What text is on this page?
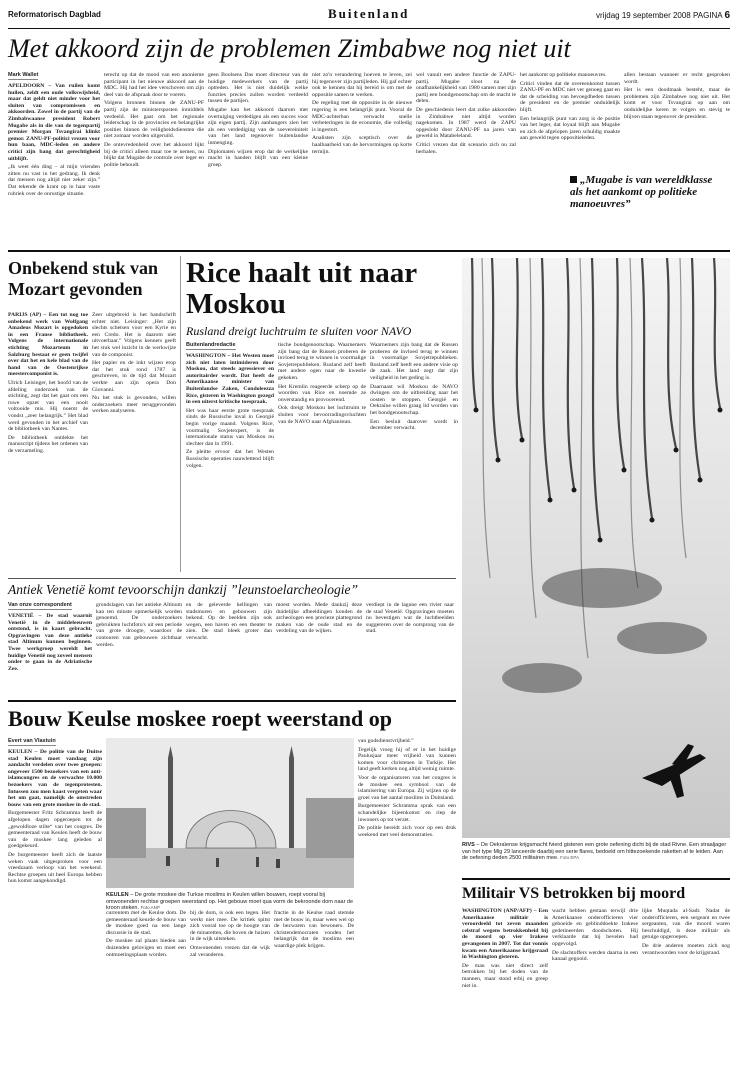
Reformatorisch Dagblad	Buitenland	vrijdag 19 september 2008 PAGINA 6
Met akkoord zijn de problemen Zimbabwe nog niet uit
Mark Wallet

APELDOORN – Van ruilen komt huilen, zeldt een oude volkswijsheid, maar dat geldt niet minder voor het sluiten van compromissen en akkoorden. Zowel in de partij van de Zimbabwaanse president Robert Mugabe als in die van de tegenpartij premier Morgan Tsvangirai klinkt gemor. ZANU-PF-politici vrezen voor hun baan, MDC-leden en andere critici zijn bang dat gerechtigheid uitblijft.

„Ik weet één ding – al mijn vrienden zitten nu vast in het gedrang. Ik denk dat mensen nog altijd niet zeker zijn.” Dat tekende de krant op in haar vaste rubriek over de onrustige situatie.

terecht op dat de mood van een anonieme participant in het nieuwe akkoord aan de MDC. Hij had het idee verschoven om zijn deel van de afspraak door te voeren.

Volgens bronnen binnen de ZANU-PF partij zijn de ministersposten inmiddels verdeeld. Het gaat om het regionale leiderschap in de provincies en belangrijke posities binnen de veiligheidsdiensten die niet zomaar worden uitgeruild.

De ontevredenheid over het akkoord lijkt bij de critici alleen maar toe te nemen, nu blijkt dat Mugabe de controle over leger en politie behoudt.

geen Boolsens Das moet directeur van de huidige medewerkers van de partij optreden. Het is niet duidelijk welke functies precies zullen worden verdeeld tussen de partijen.

Mugabe kan het akkoord daarom met overtuiging verdedigen als een succes voor zijn eigen partij. Zijn aanhangers zien het als een verdediging van de soevereiniteit van het land tegenover buitenlandse inmenging.

Diplomaten wijzen erop dat de werkelijke macht in handen blijft van een kleine groep.

niet zo'n verandering hoeven te leven, zei hij tegenover zijn partijleden. Hij gaf echter ook te kennen dat hij bereid is om met de oppositie samen te werken.

De regeling met de oppositie in de nieuwe regering is een belangrijk punt. Vooral de MDC-achterban verwacht snelle verbeteringen in de economie, die volledig is ingestort.

Analisten zijn sceptisch over de haalbaarheid van de hervormingen op korte termijn.

wel vanuit een andere functie de ZAPU-partij. Mugabe sloot na de onafhankelijkheid van 1980 samen met zijn partij een bondgenootschap om de macht te delen.

De geschiedenis leert dat zulke akkoorden in Zimbabwe niet altijd worden nagekomen. In 1987 werd de ZAPU opgeslokt door ZANU-PF na jaren van geweld in Matabeleland.

Critici vrezen dat dit scenario zich nu zal herhalen.

het aankomt op politieke manoeuvres.

Critici vinden dat de overeenkomst tussen ZANU-PF en MDC niet ver genoeg gaat en dat de scheiding van bevoegdheden tussen de president en de premier onduidelijk blijft.

Een belangrijk punt van zorg is de positie van het leger, dat loyaal blijft aan Mugabe en zich de afgelopen jaren schuldig maakte aan geweld tegen oppositieleden.

allen bestaan wanneer er recht gesproken wordt.

Het is een doodmaak besteht, maar de problemen zijn Zimbabwe nog niet uit. Het komt er voor Tsvangirai op aan om onduidelijke keren te volgen en stevig te blijven staan tegenover de president.

„Mugabe is van wereldklasse als het aankomt op politieke manoeuvres”
Onbekend stuk van Mozart gevonden

PARIJS (AP) – Een tot nog toe onbekend werk van Wolfgang Amadeus Mozart is opgedoken in een Franse bibliotheek. Volgens de internationale stichting Mozarteum in Salzburg bestaat er geen twijfel over dat het en kele blad van de hand van de Oostenrijkse meestercomponist is.

Ulrich Leisinger, het hoofd van de afdeling onderzoek van de stichting, zegt dat het gaat om een ruwe opzet van een nooit voltooide mis. Hij noemt de vondst „zeer belangrijk.” Het blad werd gevonden in het archief van de bibliotheek van Nantes.

De bibliotheek ontdekte het manuscript tijdens het ordenen van de verzameling.

Zeer uitgebreid is het handschrift echter niet. Leisinger: „Het zijn slechts schetsen voor een Kyrie en een Credo. Het is daarom niet uitvoerbaar.” Volgens kenners geeft het stuk wel inzicht in de werkwijze van de componist.

Het papier en de inkt wijzen erop dat het stuk rond 1787 is geschreven, in de tijd dat Mozart werkte aan zijn opera Don Giovanni.

Nu het stuk is gevonden, willen onderzoekers meer teruggevonden werken analyseren.

Rice haalt uit naar Moskou
Rusland dreigt luchtruim te sluiten voor NAVO
Buitenlandredactie

WASHINGTON – Het Westen moet zich niet laten intimideren door Moskou, dat steeds agressiever en autoritairder wordt. Dat heeft de Amerikaanse minister van Buitenlandse Zaken, Condoleezza Rice, gisteren in Washington gezegd in een uiterst kritische toespraak.

Het was haar eerste grote toespraak sinds de Russische inval in Georgië begin vorige maand. Volgens Rice, voormalig Sovjetexpert, is de internationale status van Moskou nu slechter dan in 1991.

Ze pleitte ervoor dat het Westen Russische operaties nauwlettend blijft volgen.

tische bondgenootschap. Waarnemers zijn bang dat de Russen proberen de invloed terug te winnen in voormalige Sovjetrepublieken. Rusland zelf heeft met andere ogen naar de kwestie gekeken.

Het Kremlin reageerde scherp op de woorden van Rice en noemde ze onverstandig en provocerend.

Ook dreigt Moskou het luchtruim te sluiten voor bevoorradingsvluchten van de NAVO naar Afghanistan.

Waarnemers zijn bang dat de Russen proberen de invloed terug te winnen in voormalige Sovjetrepublieken. Rusland zelf heeft een andere visie op de zaak. Het land zegt dat zijn veiligheid in het geding is.

Daarnaast wil Moskou de NAVO dwingen om de uitbreiding naar het oosten te stoppen. Georgië en Oekraïne willen graag lid worden van het bondgenootschap.

Een besluit daarover wordt in december verwacht.

Antiek Venetië komt tevoorschijn dankzij ”leunstoelarcheologie”
Van onze correspondent

VENETIË – De stad waarnit Venetië in de middeleeuwen ontstond, is in kaart gebracht. Opgravingen van deze antieke stad Altinum kunnen beginnen. Twee werkgroep wereldt het huidige Venetië nog zoveel mensen onder te gaan in de Adriatische Zee.

grondslagen van het antieke Altinum kan ten minste opmerkelijk worden genoemd. De onderzoekers gebruikten luchtfoto's uit een periode van grote droogte, waardoor de contouren van gebouwen zichtbaar werden.

en de geleverde hellingen van stadsmuren en gebouwen zijn bekend. Op de beelden zijn ook wegen, een haven en een theater te zien. De stad bleek groter dan verwacht.

moest worden. Mede dankzij deze duidelijke afbeeldingen konden de archeologen een precieze plattegrond maken van de oude stad en de verdeling van de wijken.

verdiept in de lagune een rivier naar de stad Venetië. Opgravingen moeten nu bevestigen wat de luchtbeelden suggereren over de oorsprong van de stad.

RIVS – De Oekraïense krijgsmacht fvierd gisteren een grote oefening dicht bij de stad Rivne. Een straaljager van het type Mig 29 lanceerde daarbij een serie flares, bedoeld om hittezoekende raketten af te leiden. Aan de oefening deden 2500 militairen mee. Foto EPA
Bouw Keulse moskee roept weerstand op
Evert van Vlastuin

KEULEN – De politie van de Duitse stad Keulen moet vandaag zijn aandacht verdelen over twee groepen: ongeveer 1500 bezoekers van een anti-islamcongres en de verwachte 10.000 bezoekers van de tegenprotesten. Intussen zou men kaast vergeten waar het om gaat, namelijk de omstreden bouw van een grote moskee in de stad.

Burgemeester Fritz Schramma heeft de afgelopen dagen opgeroepen tot de „gewoldloze stilte“ van het congres. De gemeenteraad van Keulen heeft de bouw van de moskee lang geleden al goedgekeurd.

De burgemeester heeft zich de laatste weken vaak uitgesproken voor een vreedzaam verloop van het weekend. Rechtse groepen uit heel Europa hebben hun komst aangekondigd.

KEULEN – De grote moskee die Turkse moslims in Keulen willen bouwen, roept vooral bij omwonenden rechtse groepen weerstand op. Het gebouw moet qua vorm de bekroonde dom naar de kroon steken. Foto ANP

currentem met de Keulse dom. De gemeenteraad keurde de bouw van de moskee goed na een lange discussie in de stad.

De moskee zal plaats bieden aan duizenden gelovigen en moet een ontmoetingsplaats worden.

bij de dom, is ook een tegen. Het werkt niet mee. De kritiek spitst zich vooral toe op de hoogte van de minaretten, die boven de huizen in de wijk uitsteken.

Omwonenden vrezen dat de wijk zal veranderen.

fractie in de Keulse raad stemde met de bouw in, maar wees wel op de bezwaren van bewoners. De christendemocraten vonden het belangrijk dat de moslims een waardige plek krijgen.

van godsdienstvrijheid.”

Tegelijk vroeg hij of er in het huidige Paulusjaar meer vrijheid van kunnen komen voor christenen in Turkije. Het land geeft kerken nog altijd weinig ruimte.

Voor de organisatoren van het congres is de moskee een symbool van de islamisering van Europa. Zij wijzen op de groei van het aantal moslims in Duitsland.

Burgemeester Schramma sprak van een schandelijke bijeenkomst en riep de inwoners op tot verzet.

De politie bereidt zich voor op een druk weekend met veel demonstraties.

Militair VS betrokken bij moord

WASHINGTON (ANP/AFP) – Een Amerikaanse militair is veroordeeld tot zeven maanden celstraf wegens betrokkenheid bij de moord op vier Irakese gevangenen in 2007. Tot dat vonnis kwam een Amerikaanse krijgsraad in Washington gisteren.

De man was niet direct zelf betrokken bij het doden van de mannen, maar stond erbij en greep niet in.

wacht hebben gestaan terwijl drie Amerikaanse onderofficieren vier geboeide en geblinddoekte Irakese gedetineerden doodschoten. Hij verklaarde dat hij bevelen had opgevolgd.

De slachtoffers werden daarna in een kanaal gegooid.

lijke Muqtada al-Sadr. Nadat de onderofficieren, een sergeant en twee sergeanten, van die moord waren beschuldigd, is deze militair als getuige opgeroepen.

De drie anderen moeten zich nog verantwoorden voor de krijgsraad.
